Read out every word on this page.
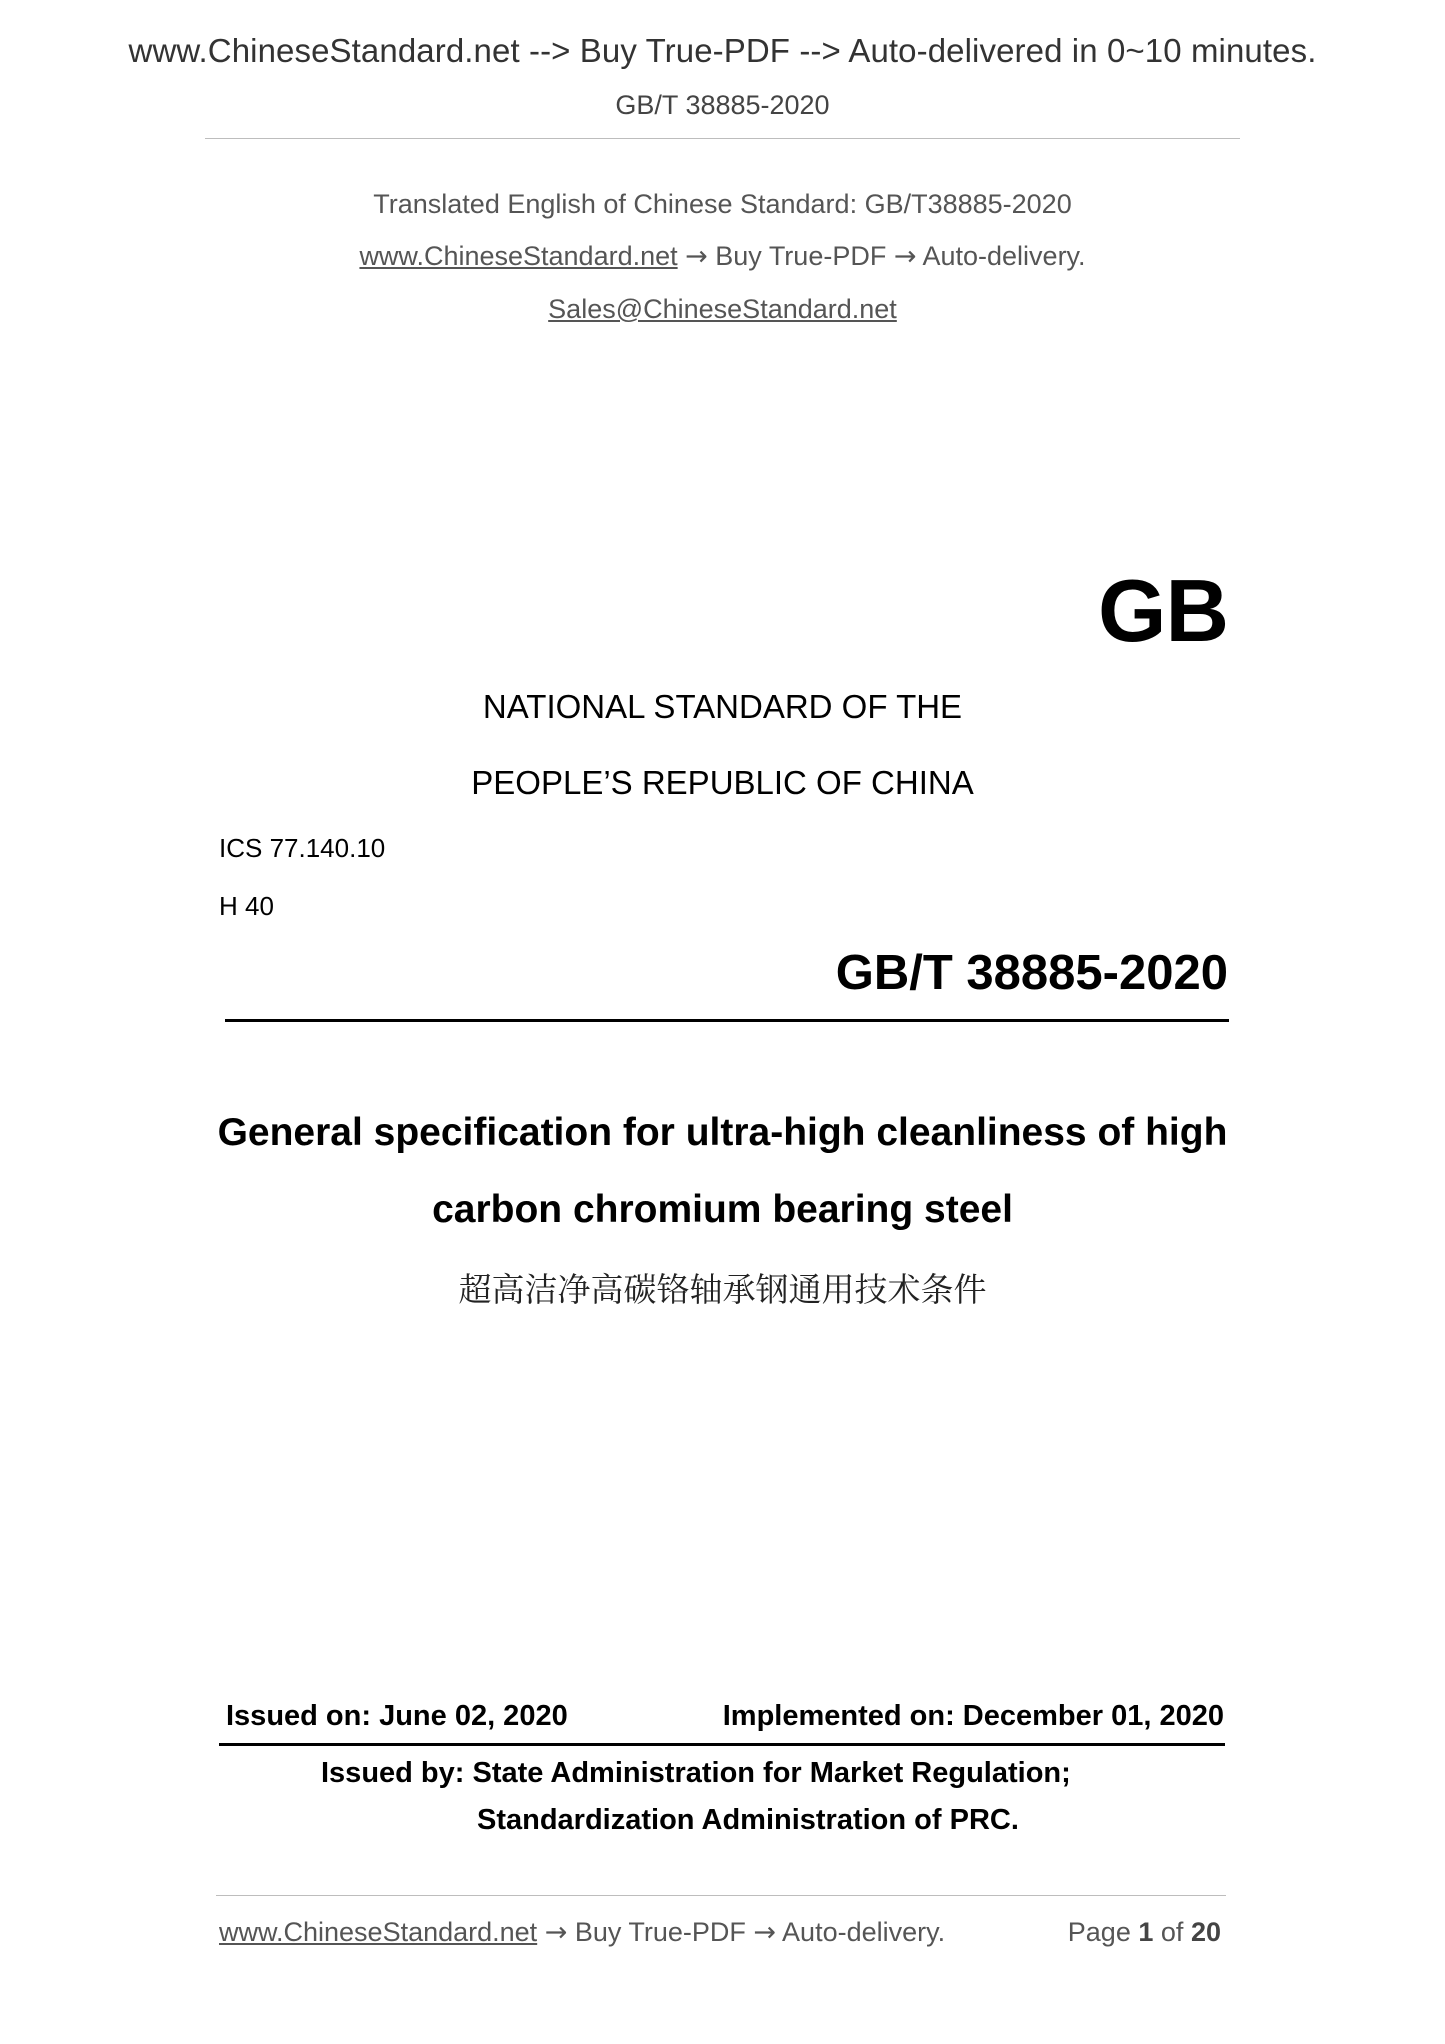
www.ChineseStandard.net --> Buy True-PDF --> Auto-delivered in 0~10 minutes.
GB/T 38885-2020
Translated English of Chinese Standard: GB/T38885-2020
www.ChineseStandard.net → Buy True-PDF → Auto-delivery.
Sales@ChineseStandard.net
GB
NATIONAL STANDARD OF THE
PEOPLE’S REPUBLIC OF CHINA
ICS 77.140.10
H 40
GB/T 38885-2020
General specification for ultra-high cleanliness of high
carbon chromium bearing steel
超高洁净高碳铬轴承钢通用技术条件
Issued on: June 02, 2020	Implemented on: December 01, 2020
Issued by: State Administration for Market Regulation;
Standardization Administration of PRC.
www.ChineseStandard.net → Buy True-PDF → Auto-delivery.	Page 1 of 20
